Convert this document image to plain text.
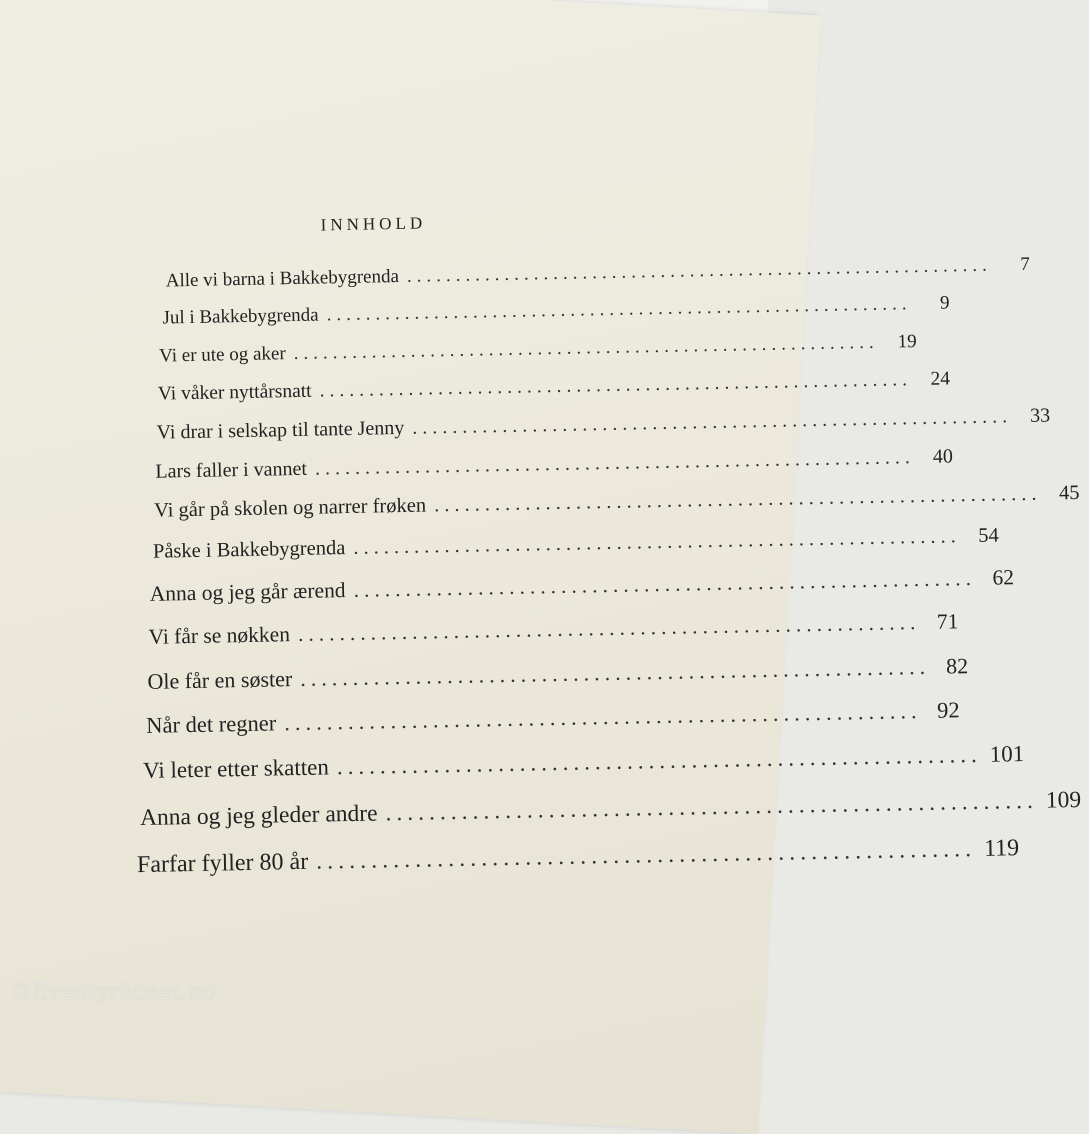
INNHOLD
Alle vi barna i Bakkebygrenda ............................................................	7
Jul i Bakkebygrenda ............................................................	9
Vi er ute og aker ............................................................ 19
Vi våker nyttårsnatt ............................................................ 24
Vi drar i selskap til tante Jenny ............................................................ 33
Lars faller i vannet ............................................................ 40
Vi går på skolen og narrer frøken ............................................................ 45
Påske i Bakkebygrenda ............................................................ 54
Anna og jeg går ærend ............................................................ 62
Vi får se nøkken ............................................................ 71
Ole får en søster ............................................................ 82
Når det regner ............................................................ 92
Vi leter etter skatten ............................................................ 101
Anna og jeg gleder andre ............................................................ 109
Farfar fyller 80 år ............................................................ 119
©Eventyrhuset.no
